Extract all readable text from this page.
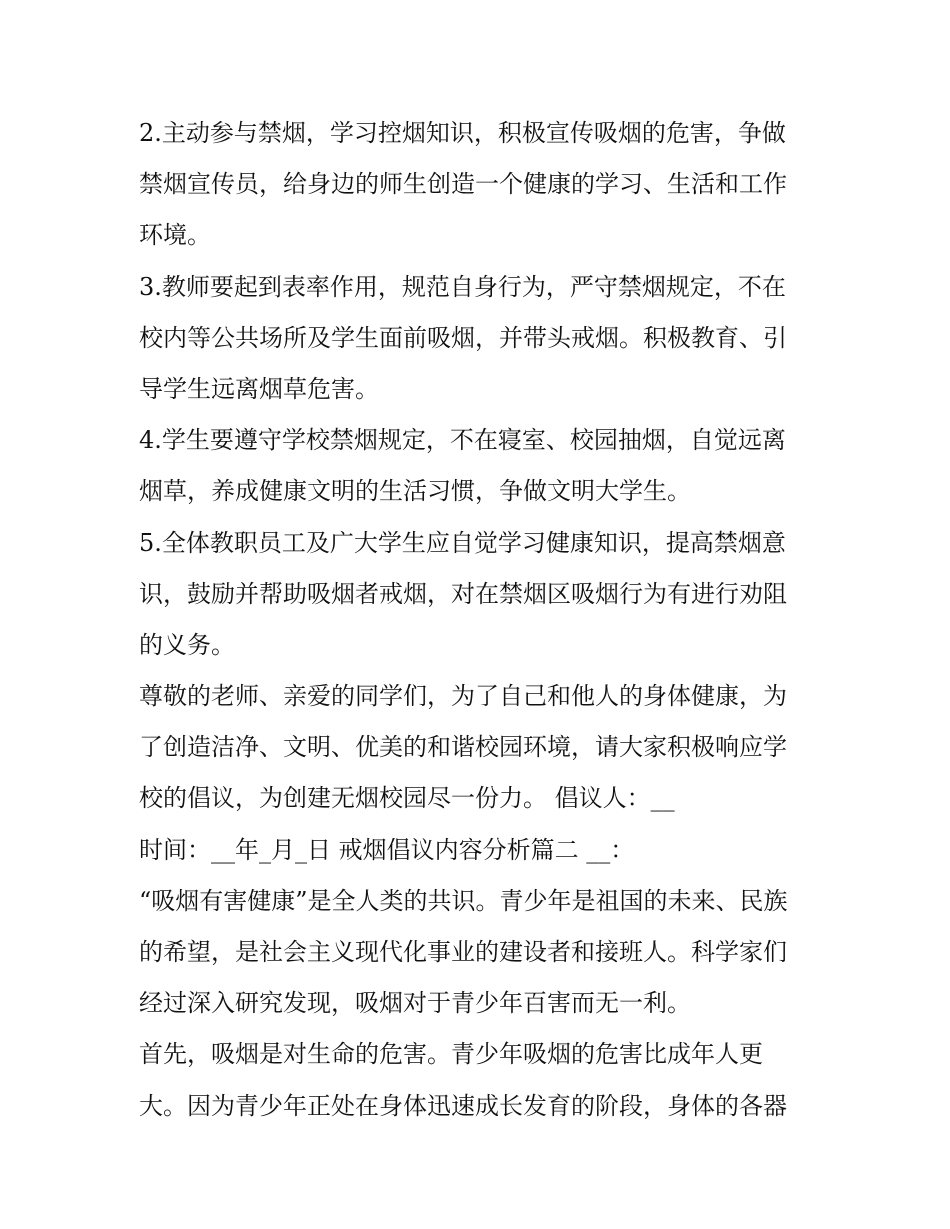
2.主动参与禁烟，学习控烟知识，积极宣传吸烟的危害，争做
禁烟宣传员，给身边的师生创造一个健康的学习、生活和工作
环境。

3.教师要起到表率作用，规范自身行为，严守禁烟规定，不在
校内等公共场所及学生面前吸烟，并带头戒烟。积极教育、引
导学生远离烟草危害。

4.学生要遵守学校禁烟规定，不在寝室、校园抽烟，自觉远离
烟草，养成健康文明的生活习惯，争做文明大学生。

5.全体教职员工及广大学生应自觉学习健康知识，提高禁烟意
识，鼓励并帮助吸烟者戒烟，对在禁烟区吸烟行为有进行劝阻
的义务。

尊敬的老师、亲爱的同学们，为了自己和他人的身体健康，为
了创造洁净、文明、优美的和谐校园环境，请大家积极响应学
校的倡议，为创建无烟校园尽一份力。 倡议人：__

时间：__年_月_日 戒烟倡议内容分析篇二 __：

“吸烟有害健康”是全人类的共识。青少年是祖国的未来、民族
的希望，是社会主义现代化事业的建设者和接班人。科学家们
经过深入研究发现，吸烟对于青少年百害而无一利。

首先，吸烟是对生命的危害。青少年吸烟的危害比成年人更
大。因为青少年正处在身体迅速成长发育的阶段，身体的各器
